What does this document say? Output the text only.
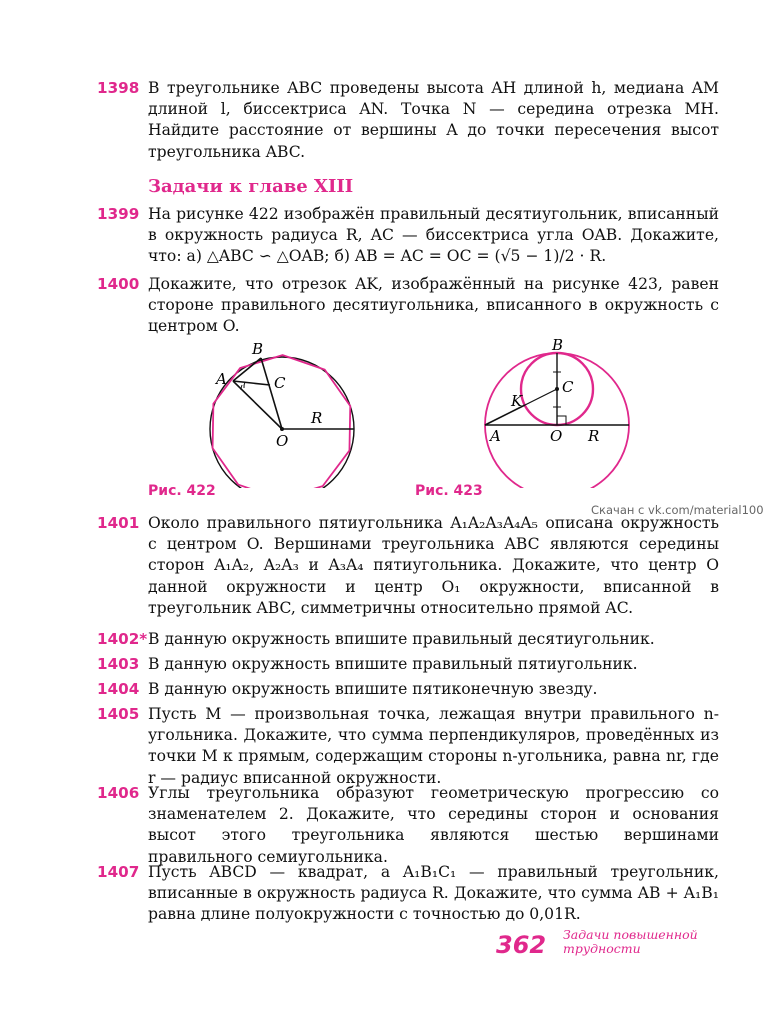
1398 В треугольнике ABC проведены высота AH длиной h, медиана AM длиной l, биссектриса AN. Точка N — середина отрезка MH. Найдите расстояние от вершины A до точки пересечения высот треугольника ABC.
Задачи к главе XIII
1399 На рисунке 422 изображён правильный десятиугольник, вписанный в окружность радиуса R, AC — биссектриса угла OAB. Докажите, что: а) △ABC ∽ △OAB; б) AB = AC = OC = (√5 − 1)/2 · R.
1400 Докажите, что отрезок AK, изображённый на рисунке 423, равен стороне правильного десятиугольника, вписанного в окружность с центром O.
A
B
C
O
R
B
C
K
A	O R
Рис. 422	Рис. 423
Скачан с vk.com/material100
1401 Около правильного пятиугольника A₁A₂A₃A₄A₅ описана окружность с центром O. Вершинами треугольника ABC являются середины сторон A₁A₂, A₂A₃ и A₃A₄ пятиугольника. Докажите, что центр O данной окружности и центр O₁ окружности, вписанной в треугольник ABC, симметричны относительно прямой AC.
1402* В данную окружность впишите правильный десятиугольник.
1403 В данную окружность впишите правильный пятиугольник.
1404 В данную окружность впишите пятиконечную звезду.
1405 Пусть M — произвольная точка, лежащая внутри правильного n-угольника. Докажите, что сумма перпендикуляров, проведённых из точки M к прямым, содержащим стороны n-угольника, равна nr, где r — радиус вписанной окружности.
1406 Углы треугольника образуют геометрическую прогрессию со знаменателем 2. Докажите, что середины сторон и основания высот этого треугольника являются шестью вершинами правильного семиугольника.
1407 Пусть ABCD — квадрат, а A₁B₁C₁ — правильный треугольник, вписанные в окружность радиуса R. Докажите, что сумма AB + A₁B₁ равна длине полуокружности с точностью до 0,01R.
362 Задачи повышенной трудности
